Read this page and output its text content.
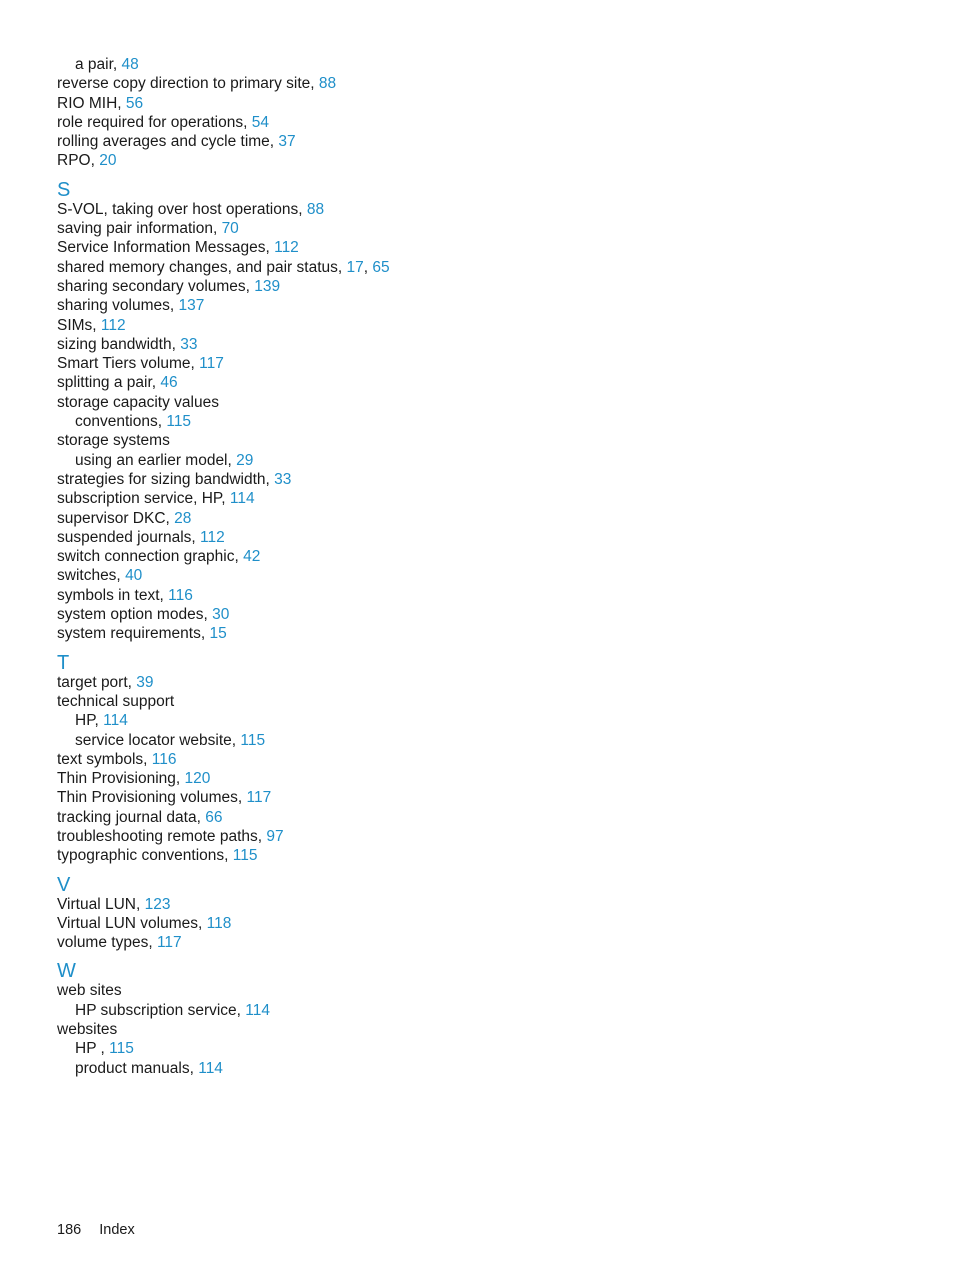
a pair, 48
reverse copy direction to primary site, 88
RIO MIH, 56
role required for operations, 54
rolling averages and cycle time, 37
RPO, 20
S
S-VOL, taking over host operations, 88
saving pair information, 70
Service Information Messages, 112
shared memory changes, and pair status, 17, 65
sharing secondary volumes, 139
sharing volumes, 137
SIMs, 112
sizing bandwidth, 33
Smart Tiers volume, 117
splitting a pair, 46
storage capacity values
conventions, 115
storage systems
using an earlier model, 29
strategies for sizing bandwidth, 33
subscription service, HP, 114
supervisor DKC, 28
suspended journals, 112
switch connection graphic, 42
switches, 40
symbols in text, 116
system option modes, 30
system requirements, 15
T
target port, 39
technical support
HP, 114
service locator website, 115
text symbols, 116
Thin Provisioning, 120
Thin Provisioning volumes, 117
tracking journal data, 66
troubleshooting remote paths, 97
typographic conventions, 115
V
Virtual LUN, 123
Virtual LUN volumes, 118
volume types, 117
W
web sites
HP subscription service, 114
websites
HP , 115
product manuals, 114
186 Index
